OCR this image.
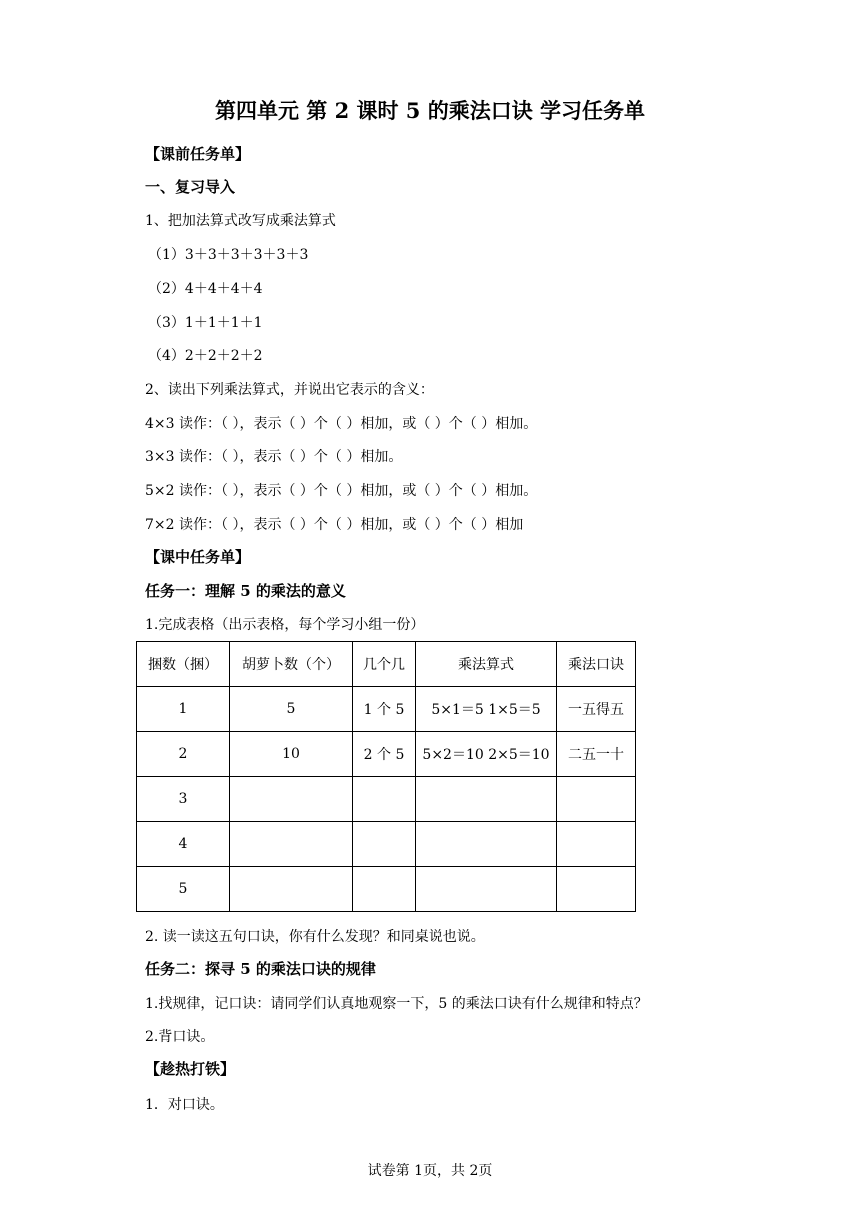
第四单元 第 2 课时 5 的乘法口诀 学习任务单
【课前任务单】
一、复习导入
1、把加法算式改写成乘法算式
（1）3＋3＋3＋3＋3＋3
（2）4＋4＋4＋4
（3）1＋1＋1＋1
（4）2＋2＋2＋2
2、读出下列乘法算式，并说出它表示的含义：
4×3 读作：（ ），表示（ ）个（ ）相加，或（ ）个（ ）相加。
3×3 读作：（ ），表示（ ）个（ ）相加。
5×2 读作：（ ），表示（ ）个（ ）相加，或（ ）个（ ）相加。
7×2 读作：（ ），表示（ ）个（ ）相加，或（ ）个（ ）相加
【课中任务单】
任务一：理解 5 的乘法的意义
1.完成表格（出示表格，每个学习小组一份）
捆数（捆）	胡萝卜数（个）	几个几	乘法算式	乘法口诀
1	5	1 个 5	5×1＝5 1×5＝5	一五得五
2	10	2 个 5	5×2＝10 2×5＝10	二五一十
3				
4				
5				
2. 读一读这五句口诀，你有什么发现？和同桌说也说。
任务二：探寻 5 的乘法口诀的规律
1.找规律，记口诀：请同学们认真地观察一下，5 的乘法口诀有什么规律和特点？
2.背口诀。
【趁热打铁】
1．对口诀。
试卷第 1页，共 2页
